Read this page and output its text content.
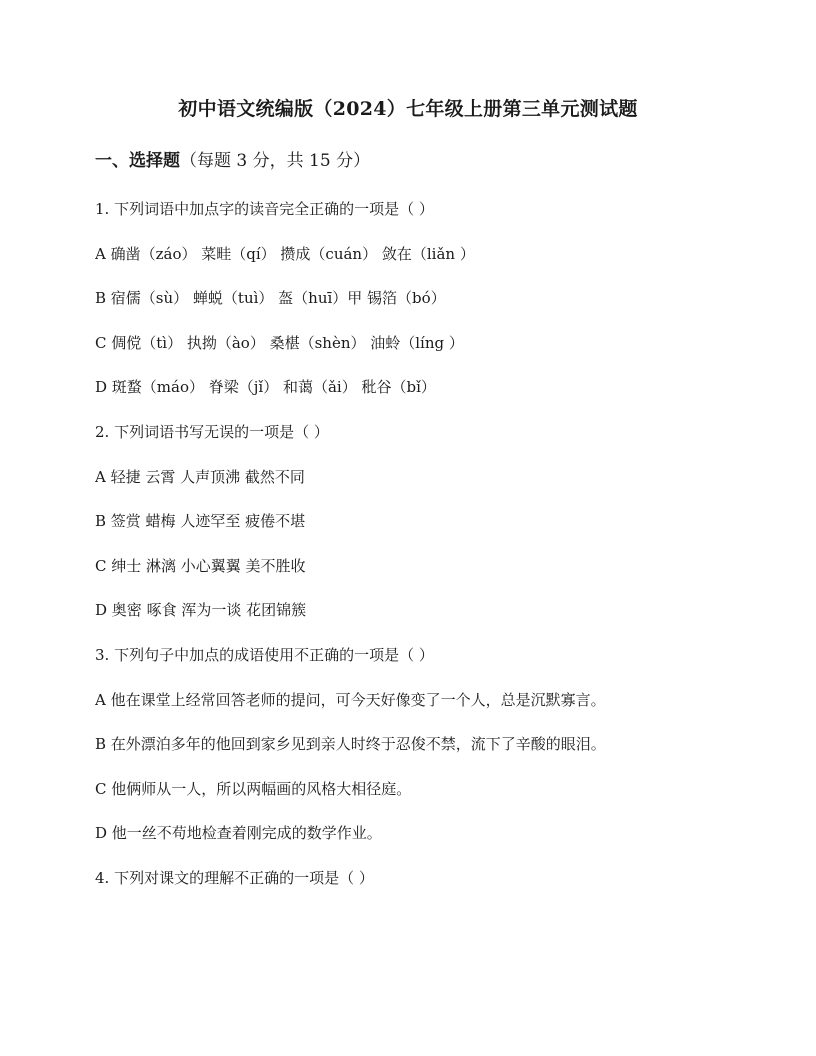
初中语文统编版（2024）七年级上册第三单元测试题
一、选择题（每题 3 分，共 15 分）
1. 下列词语中加点字的读音完全正确的一项是（ ）
A 确凿（záo） 菜畦（qí） 攒成（cuán） 敛在（liǎn ）
B 宿儒（sù） 蝉蜕（tuì） 盔（huī）甲 锡箔（bó）
C 倜傥（tì） 执拗（ào） 桑椹（shèn） 油蛉（líng ）
D 斑蝥（máo） 脊梁（jǐ） 和蔼（ǎi） 秕谷（bǐ）
2. 下列词语书写无误的一项是（ ）
A 轻捷 云霄 人声顶沸 截然不同
B 签赏 蜡梅 人迹罕至 疲倦不堪
C 绅士 淋漓 小心翼翼 美不胜收
D 奥密 啄食 浑为一谈 花团锦簇
3. 下列句子中加点的成语使用不正确的一项是（ ）
A 他在课堂上经常回答老师的提问，可今天好像变了一个人，总是沉默寡言。
B 在外漂泊多年的他回到家乡见到亲人时终于忍俊不禁，流下了辛酸的眼泪。
C 他俩师从一人，所以两幅画的风格大相径庭。
D 他一丝不苟地检查着刚完成的数学作业。
4. 下列对课文的理解不正确的一项是（ ）
